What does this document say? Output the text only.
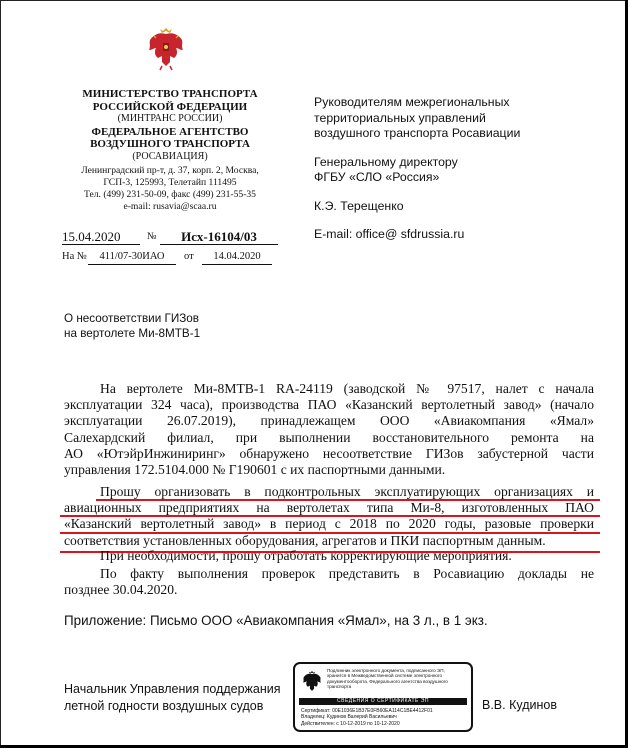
МИНИСТЕРСТВО ТРАНСПОРТА
РОССИЙСКОЙ ФЕДЕРАЦИИ
(МИНТРАНС РОССИИ)
ФЕДЕРАЛЬНОЕ АГЕНТСТВО
ВОЗДУШНОГО ТРАНСПОРТА
(РОСАВИАЦИЯ)
Ленинградский пр-т, д. 37, корп. 2, Москва,
ГСП-3, 125993, Телетайп 111495
Тел. (499) 231-50-09, факс (499) 231-55-35
e-mail: rusavia@scaa.ru
Руководителям межрегиональных
территориальных управлений
воздушного транспорта Росавиации
Генеральному директору
ФГБУ «СЛО «Россия»
К.Э. Терещенко
E-mail: office@ sfdrussia.ru
15.04.2020	№	Исх-16104/03
На №	411/07-30ИАО	от	14.04.2020
О несоответствии ГИЗов
на вертолете Ми-8МТВ-1
На вертолете Ми-8МТВ-1 RA-24119 (заводской № 97517, налет с начала
эксплуатации 324 часа), производства ПАО «Казанский вертолетный завод» (начало
эксплуатации 26.07.2019), принадлежащем ООО «Авиакомпания «Ямал»
Салехардский филиал, при выполнении восстановительного ремонта на
АО «ЮтэйрИнжиниринг» обнаружено несоответствие ГИЗов забустерной части
управления 172.5104.000 № Г190601 с их паспортными данными.
Прошу организовать в подконтрольных эксплуатирующих организациях и
авиационных предприятиях на вертолетах типа Ми-8, изготовленных ПАО
«Казанский вертолетный завод» в период с 2018 по 2020 годы, разовые проверки
соответствия установленных оборудования, агрегатов и ПКИ паспортным данным.
При необходимости, прошу отработать корректирующие мероприятия.
По факту выполнения проверок представить в Росавиацию доклады не
позднее 30.04.2020.
Приложение: Письмо ООО «Авиакомпания «Ямал», на 3 л., в 1 экз.
Начальник Управления поддержания
летной годности воздушных судов	В.В. Кудинов
Подлинник электронного документа, подписанного ЭП,
хранится в Межведомственной системе электронного
документооборота. Федерального агентства воздушного
транспорта
СВЕДЕНИЯ О СЕРТИФИКАТЕ ЭП
Сертификат: 00E1036E1B37E0FB60EA114C1BE4412F01
Владелец: Кудинов Валерий Васильевич
Действителен: с 10-12-2019 по 10-12-2020
